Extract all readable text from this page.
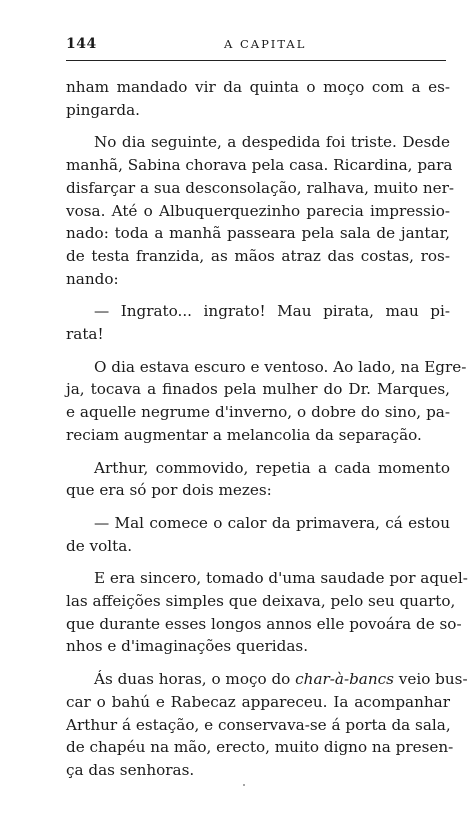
144	A CAPITAL

nham mandado vir da quinta o moço com a es-
pingarda.

No dia seguinte, a despedida foi triste. Desde
manhã, Sabina chorava pela casa. Ricardina, para
disfarçar a sua desconsolação, ralhava, muito ner-
vosa. Até o Albuquerquezinho parecia impressio-
nado: toda a manhã passeara pela sala de jantar,
de testa franzida, as mãos atraz das costas, ros-
nando:

— Ingrato... ingrato! Mau pirata, mau pi-
rata!

O dia estava escuro e ventoso. Ao lado, na Egre-
ja, tocava a finados pela mulher do Dr. Marques,
e aquelle negrume d'inverno, o dobre do sino, pa-
reciam augmentar a melancolia da separação.

Arthur, commovido, repetia a cada momento
que era só por dois mezes:

— Mal comece o calor da primavera, cá estou
de volta.

E era sincero, tomado d'uma saudade por aquel-
las affeições simples que deixava, pelo seu quarto,
que durante esses longos annos elle povoára de so-
nhos e d'imaginações queridas.

Ás duas horas, o moço do char-à-bancs veio bus-
car o bahú e Rabecaz appareceu. Ia acompanhar
Arthur á estação, e conservava-se á porta da sala,
de chapéu na mão, erecto, muito digno na presen-
ça das senhoras.
